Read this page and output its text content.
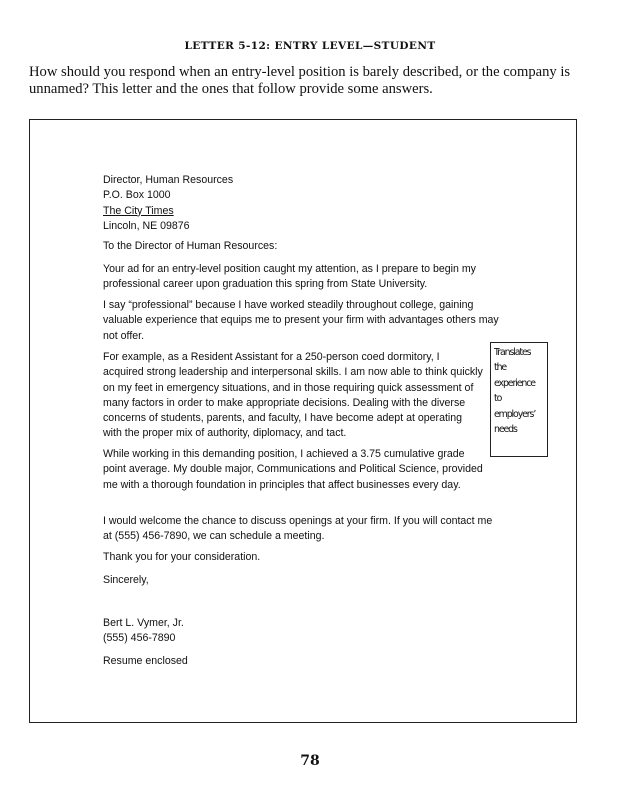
LETTER 5-12: ENTRY LEVEL—STUDENT
How should you respond when an entry-level position is barely described, or the company is unnamed? This letter and the ones that follow provide some answers.

Director, Human Resources

P.O. Box 1000

The City Times

Lincoln, NE 09876

To the Director of Human Resources:

Your ad for an entry-level position caught my attention, as I prepare to begin my professional career upon graduation this spring from State University.

I say “professional” because I have worked steadily throughout college, gaining valuable experience that equips me to present your firm with advantages others may not offer.

For example, as a Resident Assistant for a 250-person coed dormitory, I acquired strong leadership and interpersonal skills. I am now able to think quickly on my feet in emergency situations, and in those requiring quick assessment of many factors in order to make appropriate decisions. Dealing with the diverse concerns of students, parents, and faculty, I have become adept at operating with the proper mix of authority, diplomacy, and tact.

While working in this demanding position, I achieved a 3.75 cumulative grade point average. My double major, Communications and Political Science, provided me with a thorough foundation in principles that affect businesses every day.

I would welcome the chance to discuss openings at your firm. If you will contact me at (555) 456-7890, we can schedule a meeting.

Thank you for your consideration.

Sincerely,

Bert L. Vymer, Jr.

(555) 456-7890

Resume enclosed

Translates
the
experience
to
employers’
needs
78
